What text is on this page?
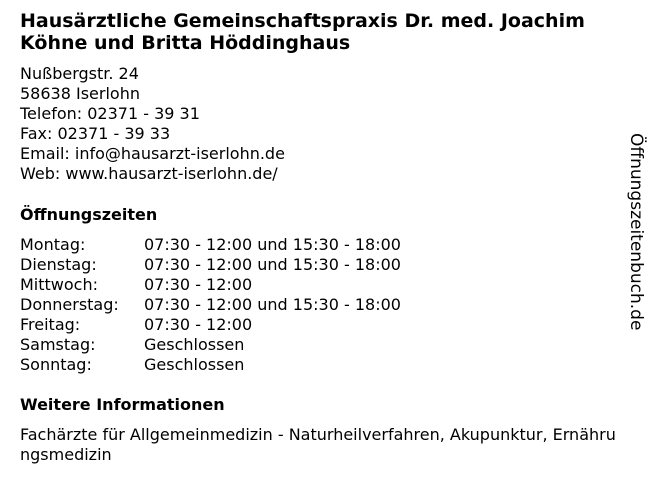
Hausärztliche Gemeinschaftspraxis Dr. med. Joachim
Köhne und Britta Höddinghaus
Nußbergstr. 24
58638 Iserlohn
Telefon: 02371 - 39 31
Fax: 02371 - 39 33
Email: info@hausarzt-iserlohn.de
Web: www.hausarzt-iserlohn.de/
Öffnungszeiten
Montag:	07:30 - 12:00 und 15:30 - 18:00
Dienstag:	07:30 - 12:00 und 15:30 - 18:00
Mittwoch:	07:30 - 12:00
Donnerstag:	07:30 - 12:00 und 15:30 - 18:00
Freitag:	07:30 - 12:00
Samstag:	Geschlossen
Sonntag:	Geschlossen
Weitere Informationen
Fachärzte für Allgemeinmedizin - Naturheilverfahren, Akupunktur, Ernährungsmedizin
Öffnungszeitenbuch.de
